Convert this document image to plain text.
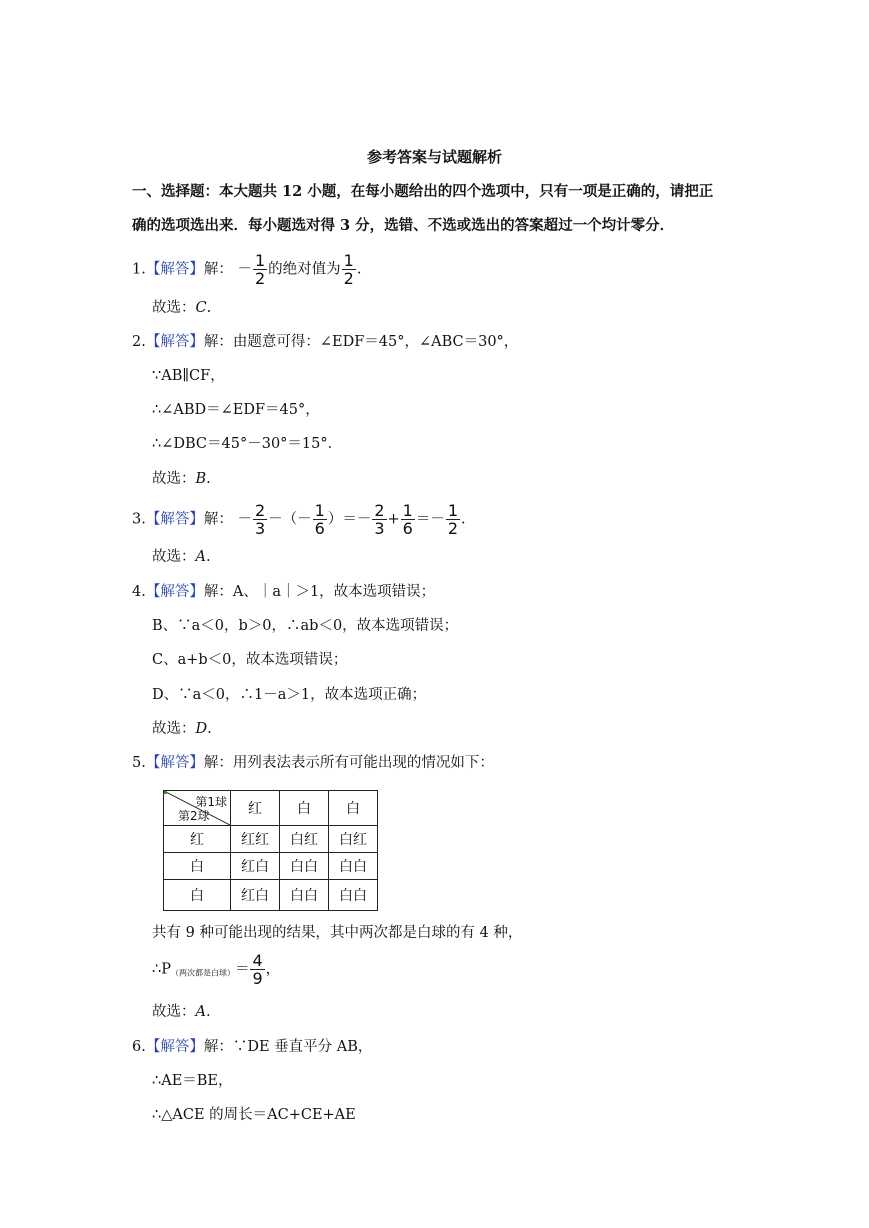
参考答案与试题解析
一、选择题：本大题共 12 小题，在每小题给出的四个选项中，只有一项是正确的，请把正
确的选项选出来．每小题选对得 3 分，选错、不选或选出的答案超过一个均计零分．
1.【解答】解： － $\frac{1}{2}$ 的绝对值为 $\frac{1}{2}$ .
故选：C.
2.【解答】解：由题意可得：∠EDF＝45°，∠ABC＝30°，
∵AB∥CF，
∴∠ABD＝∠EDF＝45°，
∴∠DBC＝45°－30°＝15°．
故选：B.
3.【解答】解： － $\frac{2}{3}$ －（－ $\frac{1}{6}$ ）＝－ $\frac{2}{3} + \frac{1}{6} =- \frac{1}{2}$ .
故选：A.
4.【解答】解：A、｜a｜＞1，故本选项错误；
B、∵a＜0，b＞0，∴ab＜0，故本选项错误；
C、a+b＜0，故本选项错误；
D、∵a＜0，∴1－a＞1，故本选项正确；
故选：D.
5.【解答】解：用列表法表示所有可能出现的情况如下：
第1球
第2球	红	白	白
红	红红	白红	白红
白	红白	白白	白白
白	红白	白白	白白
共有 9 种可能出现的结果，其中两次都是白球的有 4 种，
$\therefore P_{(两次都是白球)}= \frac{4}{9}$ ，
故选：A.
6.【解答】解：∵DE 垂直平分 AB，
∴AE＝BE，
∴△ACE 的周长＝AC+CE+AE
